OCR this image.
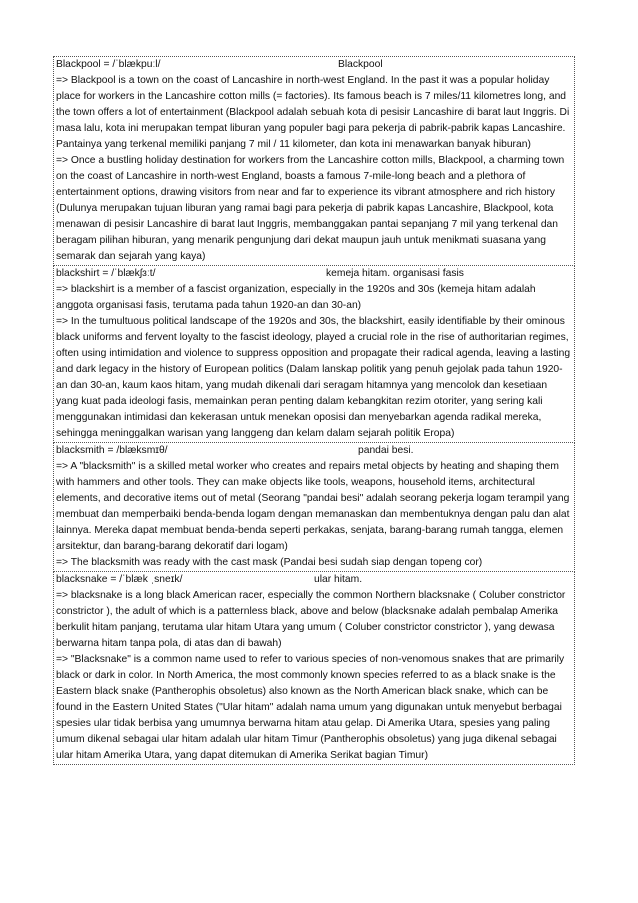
Blackpool = /ˈblækpuːl/	Blackpool

=> Blackpool is a town on the coast of Lancashire in north-west England. In the past it was a popular holiday place for workers in the Lancashire cotton mills (= factories). Its famous beach is 7 miles/11 kilometres long, and the town offers a lot of entertainment (Blackpool adalah sebuah kota di pesisir Lancashire di barat laut Inggris. Di masa lalu, kota ini merupakan tempat liburan yang populer bagi para pekerja di pabrik-pabrik kapas Lancashire. Pantainya yang terkenal memiliki panjang 7 mil / 11 kilometer, dan kota ini menawarkan banyak hiburan)

=> Once a bustling holiday destination for workers from the Lancashire cotton mills, Blackpool, a charming town on the coast of Lancashire in north-west England, boasts a famous 7-mile-long beach and a plethora of entertainment options, drawing visitors from near and far to experience its vibrant atmosphere and rich history (Dulunya merupakan tujuan liburan yang ramai bagi para pekerja di pabrik kapas Lancashire, Blackpool, kota menawan di pesisir Lancashire di barat laut Inggris, membanggakan pantai sepanjang 7 mil yang terkenal dan beragam pilihan hiburan, yang menarik pengunjung dari dekat maupun jauh untuk menikmati suasana yang semarak dan sejarah yang kaya)

blackshirt = /ˈblækʃɜːt/	kemeja hitam. organisasi fasis

=> blackshirt is a member of a fascist organization, especially in the 1920s and 30s (kemeja hitam adalah anggota organisasi fasis, terutama pada tahun 1920-an dan 30-an)

=> In the tumultuous political landscape of the 1920s and 30s, the blackshirt, easily identifiable by their ominous black uniforms and fervent loyalty to the fascist ideology, played a crucial role in the rise of authoritarian regimes, often using intimidation and violence to suppress opposition and propagate their radical agenda, leaving a lasting and dark legacy in the history of European politics (Dalam lanskap politik yang penuh gejolak pada tahun 1920-an dan 30-an, kaum kaos hitam, yang mudah dikenali dari seragam hitamnya yang mencolok dan kesetiaan yang kuat pada ideologi fasis, memainkan peran penting dalam kebangkitan rezim otoriter, yang sering kali menggunakan intimidasi dan kekerasan untuk menekan oposisi dan menyebarkan agenda radikal mereka, sehingga meninggalkan warisan yang langgeng dan kelam dalam sejarah politik Eropa)

blacksmith = /blæksmɪθ/	pandai besi.

=> A "blacksmith" is a skilled metal worker who creates and repairs metal objects by heating and shaping them with hammers and other tools. They can make objects like tools, weapons, household items, architectural elements, and decorative items out of metal (Seorang "pandai besi" adalah seorang pekerja logam terampil yang membuat dan memperbaiki benda-benda logam dengan memanaskan dan membentuknya dengan palu dan alat lainnya. Mereka dapat membuat benda-benda seperti perkakas, senjata, barang-barang rumah tangga, elemen arsitektur, dan barang-barang dekoratif dari logam)

=> The blacksmith was ready with the cast mask (Pandai besi sudah siap dengan topeng cor)

blacksnake = /ˈblæk ˌsneɪk/	ular hitam.

=> blacksnake is a long black American racer, especially the common Northern blacksnake ( Coluber constrictor constrictor ), the adult of which is a patternless black, above and below (blacksnake adalah pembalap Amerika berkulit hitam panjang, terutama ular hitam Utara yang umum ( Coluber constrictor constrictor ), yang dewasa berwarna hitam tanpa pola, di atas dan di bawah)

=> "Blacksnake" is a common name used to refer to various species of non-venomous snakes that are primarily black or dark in color. In North America, the most commonly known species referred to as a black snake is the Eastern black snake (Pantherophis obsoletus) also known as the North American black snake, which can be found in the Eastern United States ("Ular hitam" adalah nama umum yang digunakan untuk menyebut berbagai spesies ular tidak berbisa yang umumnya berwarna hitam atau gelap. Di Amerika Utara, spesies yang paling umum dikenal sebagai ular hitam adalah ular hitam Timur (Pantherophis obsoletus) yang juga dikenal sebagai ular hitam Amerika Utara, yang dapat ditemukan di Amerika Serikat bagian Timur)
